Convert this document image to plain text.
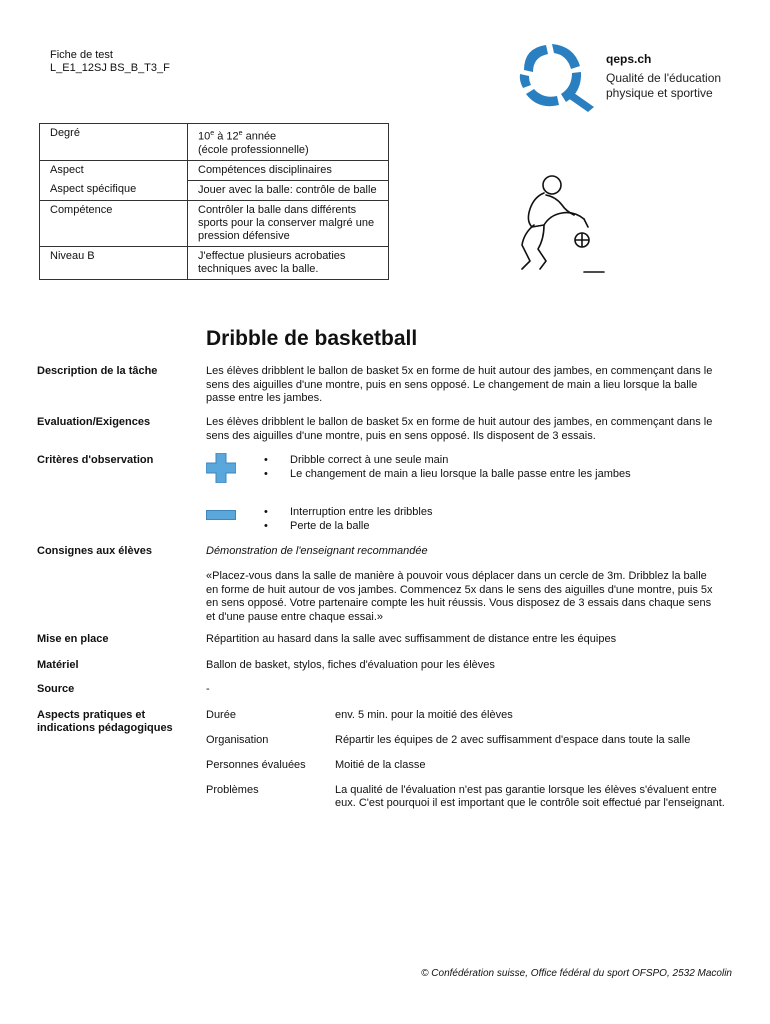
Fiche de test
L_E1_12SJ BS_B_T3_F
qeps.ch
Qualité de l'éducation
physique et sportive
Degré	10e à 12e année
(école professionnelle)
Aspect	Compétences disciplinaires
Aspect spécifique	Jouer avec la balle: contrôle de balle
Compétence	Contrôler la balle dans différents sports pour la conserver malgré une pression défensive
Niveau B	J'effectue plusieurs acrobaties techniques avec la balle.
Dribble de basketball
Description de la tâche	Les élèves dribblent le ballon de basket 5x en forme de huit autour des jambes, en commençant dans le sens des aiguilles d'une montre, puis en sens opposé. Le changement de main a lieu lorsque la balle passe entre les jambes.
Evaluation/Exigences	Les élèves dribblent le ballon de basket 5x en forme de huit autour des jambes, en commençant dans le sens des aiguilles d'une montre, puis en sens opposé. Ils disposent de 3 essais.
Critères d'observation	• Dribble correct à une seule main
• Le changement de main a lieu lorsque la balle passe entre les jambes
• Interruption entre les dribbles
• Perte de la balle
Consignes aux élèves	Démonstration de l'enseignant recommandée
«Placez-vous dans la salle de manière à pouvoir vous déplacer dans un cercle de 3m. Dribblez la balle en forme de huit autour de vos jambes. Commencez 5x dans le sens des aiguilles d'une montre, puis 5x en sens opposé. Votre partenaire compte les huit réussis. Vous disposez de 3 essais dans chaque sens et d'une pause entre chaque essai.»
Mise en place	Répartition au hasard dans la salle avec suffisamment de distance entre les équipes
Matériel	Ballon de basket, stylos, fiches d'évaluation pour les élèves
Source	-
Aspects pratiques et indications pédagogiques
Durée	env. 5 min. pour la moitié des élèves
Organisation	Répartir les équipes de 2 avec suffisamment d'espace dans toute la salle
Personnes évaluées	Moitié de la classe
Problèmes	La qualité de l'évaluation n'est pas garantie lorsque les élèves s'évaluent entre eux. C'est pourquoi il est important que le contrôle soit effectué par l'enseignant.
© Confédération suisse, Office fédéral du sport OFSPO, 2532 Macolin
